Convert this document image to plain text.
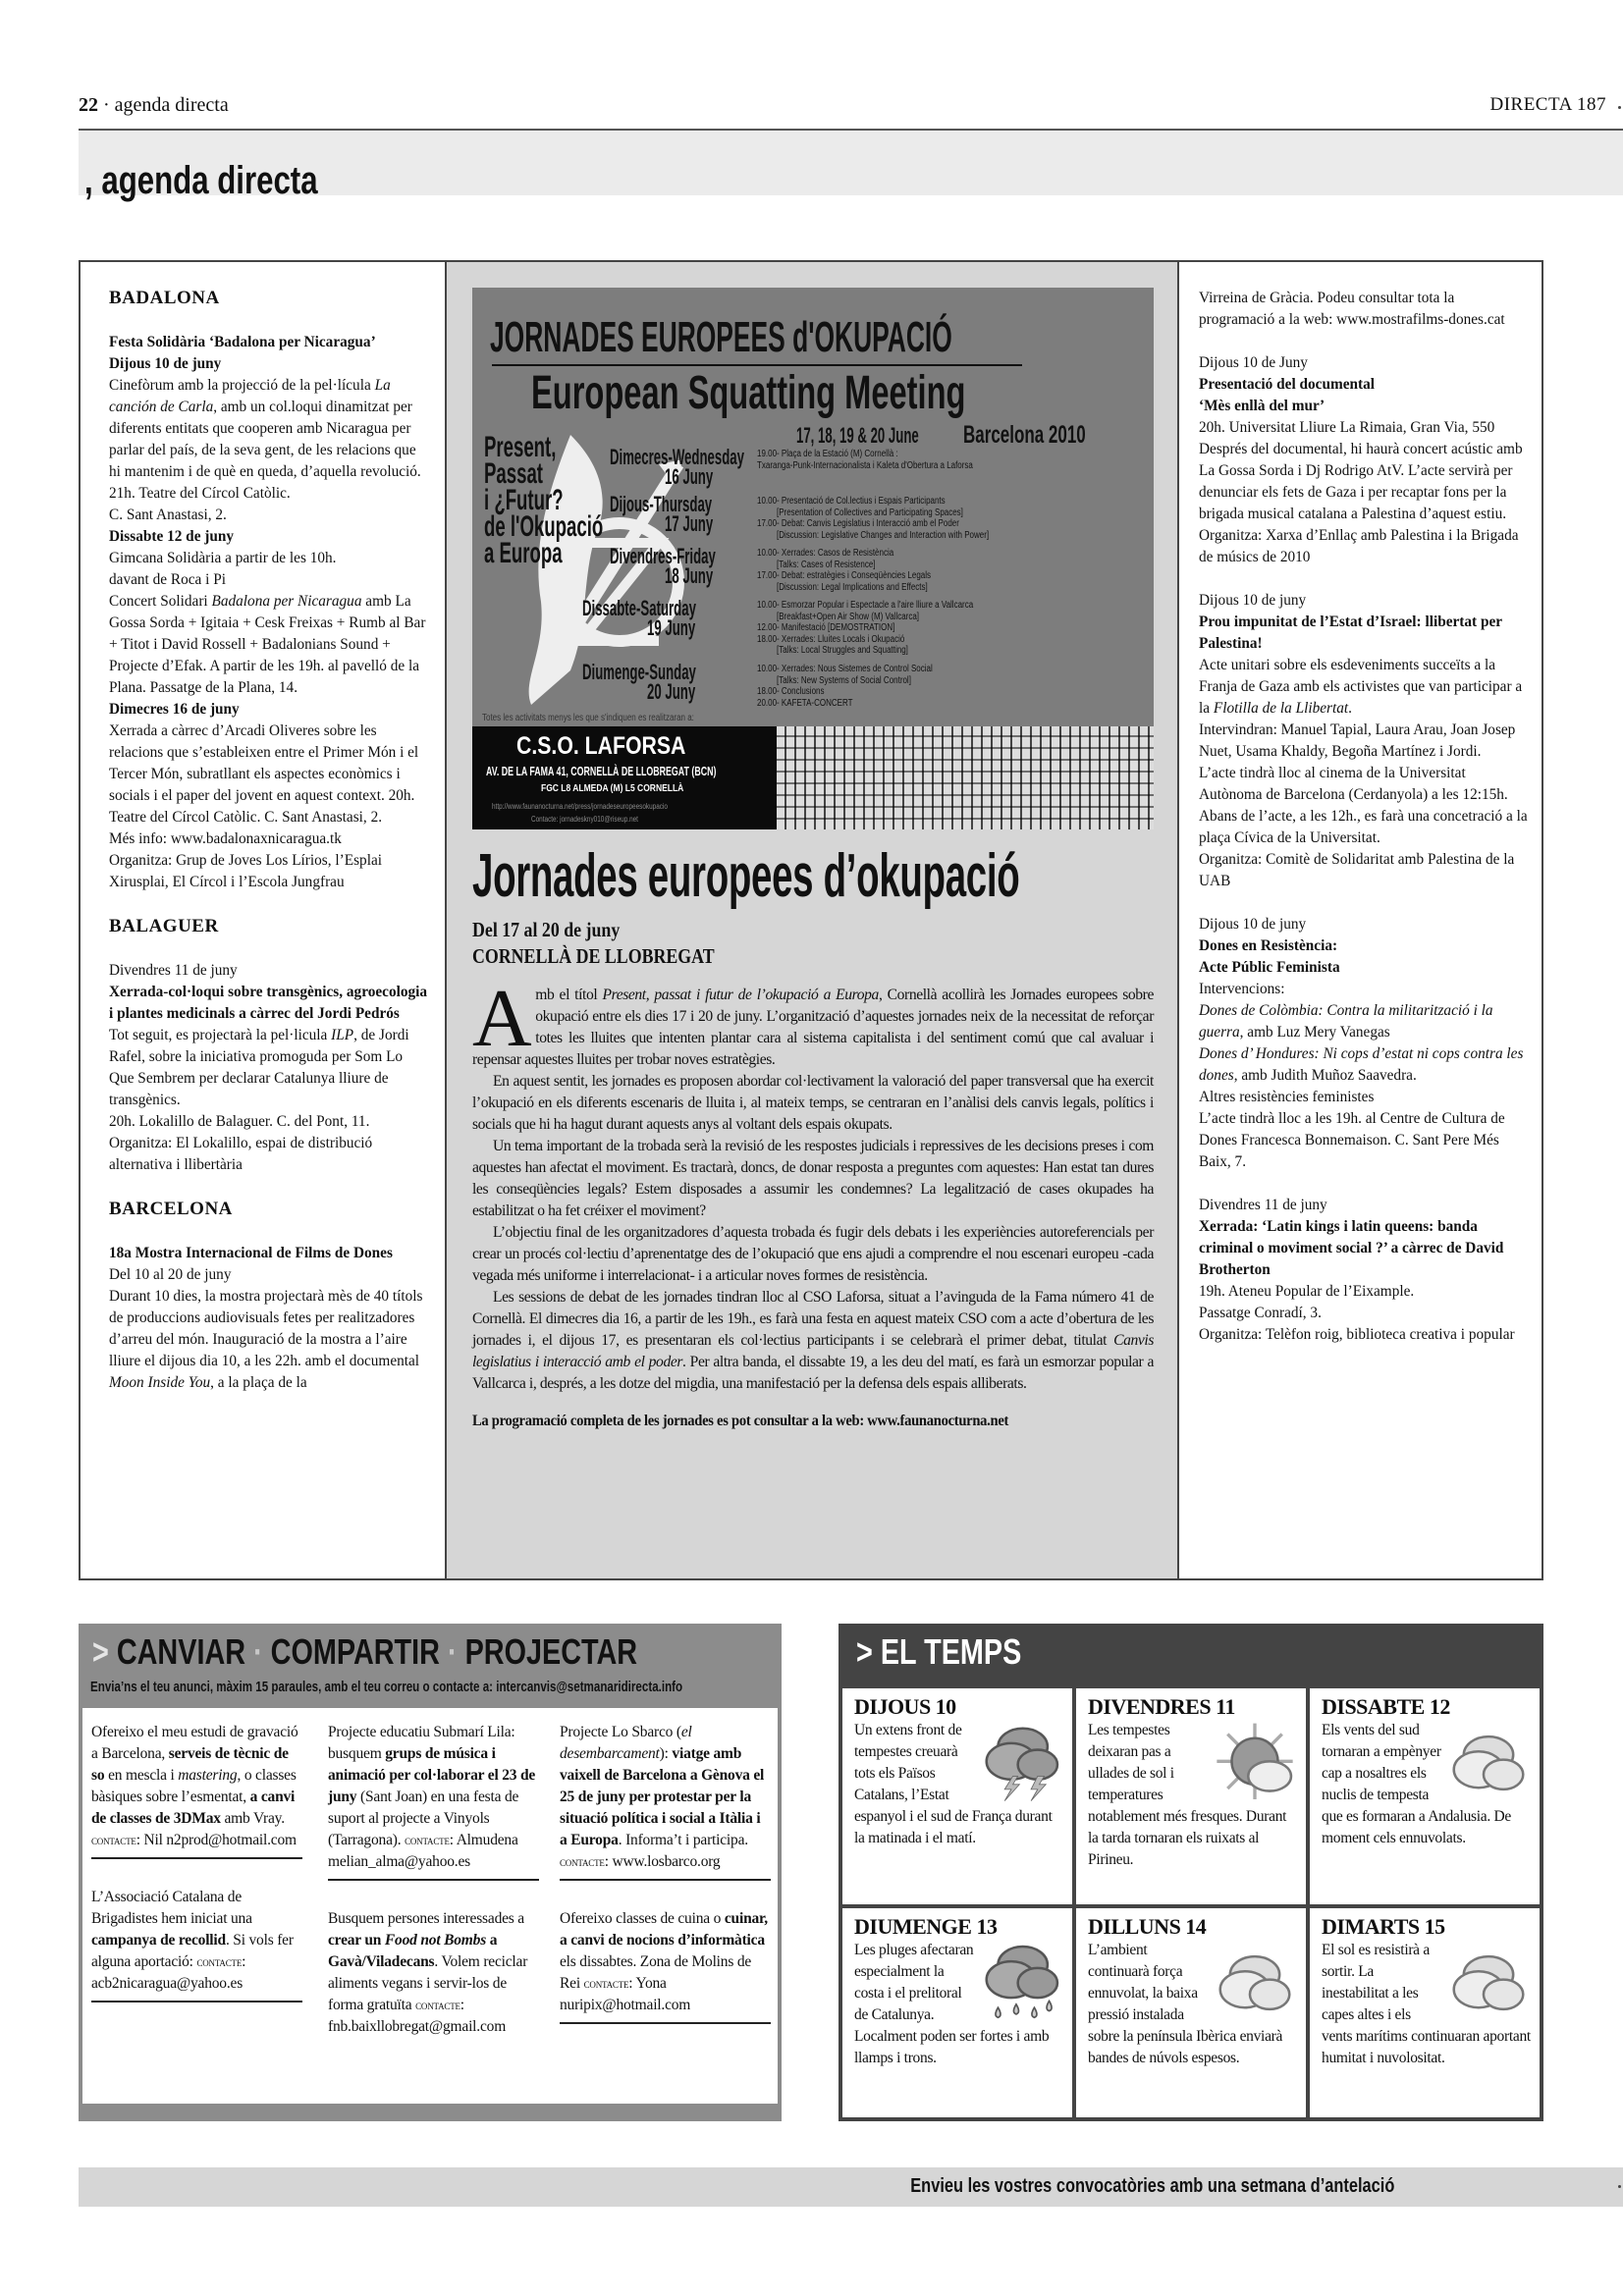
22 · agenda directa	DIRECTA 187
, agenda directa
BADALONA

Festa Solidària ‘Badalona per Nicaragua’

Dijous 10 de juny

Cinefòrum amb la projecció de la pel·lícula La canción de Carla, amb un col.loqui dinamitzat per diferents entitats que cooperen amb Nicaragua per parlar del país, de la seva gent, de les relacions que hi mantenim i de què en queda, d’aquella revolució.

21h. Teatre del Círcol Catòlic.

C. Sant Anastasi, 2.

Dissabte 12 de juny

Gimcana Solidària a partir de les 10h.

davant de Roca i Pi

Concert Solidari Badalona per Nicaragua amb La Gossa Sorda + Igitaia + Cesk Freixas + Rumb al Bar + Titot i David Rossell + Badalonians Sound + Projecte d’Efak. A partir de les 19h. al pavelló de la Plana. Passatge de la Plana, 14.

Dimecres 16 de juny

Xerrada a càrrec d’Arcadi Oliveres sobre les relacions que s’estableixen entre el Primer Món i el Tercer Món, subratllant els aspectes econòmics i socials i el paper del jovent en aquest context. 20h. Teatre del Círcol Catòlic. C. Sant Anastasi, 2.

Més info: www.badalonaxnicaragua.tk

Organitza: Grup de Joves Los Lírios, l’Esplai Xirusplai, El Círcol i l’Escola Jungfrau

BALAGUER

Divendres 11 de juny

Xerrada-col·loqui sobre transgènics, agroecologia i plantes medicinals a càrrec del Jordi Pedrós

Tot seguit, es projectarà la pel·licula ILP, de Jordi Rafel, sobre la iniciativa promoguda per Som Lo Que Sembrem per declarar Catalunya lliure de transgènics.

20h. Lokalillo de Balaguer. C. del Pont, 11.

Organitza: El Lokalillo, espai de distribució alternativa i llibertària

BARCELONA

18a Mostra Internacional de Films de Dones

Del 10 al 20 de juny

Durant 10 dies, la mostra projectarà mès de 40 títols de produccions audiovisuals fetes per realitzadores d’arreu del món. Inauguració de la mostra a l’aire lliure el dijous dia 10, a les 22h. amb el documental Moon Inside You, a la plaça de la

JORNADES EUROPEES d'OKUPACIÓ
European Squatting Meeting
17, 18, 19 & 20 June Barcelona 2010
Present,
Passat
i ¿Futur?
de l'Okupació
a Europa
Dimecres-Wednesday
16 Juny
19.00- Plaça de la Estació (M) Cornellà :
Txaranga-Punk-Internacionalista i Kaleta d'Obertura a Laforsa
Dijous-Thursday
17 Juny
10.00- Presentació de Col.lectius i Espais Participants
[Presentation of Collectives and Participating Spaces]
17.00- Debat: Canvis Legislatius i Interacció amb el Poder
[Discussion: Legislative Changes and Interaction with Power]
Divendres-Friday
18 Juny
10.00- Xerrades: Casos de Resistència
[Talks: Cases of Resistence]
17.00- Debat: estratègies i Conseqüències Legals
[Discussion: Legal Implications and Effects]
Dissabte-Saturday
19 Juny
10.00- Esmorzar Popular i Espectacle a l'aire lliure a Vallcarca
[Breakfast+Open Air Show (M) Vallcarca]
12.00- Manifestació [DEMOSTRATION]
18.00- Xerrades: Lluites Locals i Okupació
[Talks: Local Struggles and Squatting]
Diumenge-Sunday
20 Juny
10.00- Xerrades: Nous Sistemes de Control Social
[Talks: New Systems of Social Control]
18.00- Conclusions
20.00- KAFETA-CONCERT
Totes les activitats menys les que s'indiquen es realitzaran a:
C.S.O. LAFORSA
AV. DE LA FAMA 41, CORNELLÀ DE LLOBREGAT (BCN)
FGC L8 ALMEDA (M) L5 CORNELLÀ
http://www.faunanocturna.net/press/jornadeseuropeesokupacio
Contacte: jornadeskny010@riseup.net
Jornades europees d’okupació
Del 17 al 20 de juny
CORNELLÀ DE LLOBREGAT

Amb el títol Present, passat i futur de l’okupació a Europa, Cornellà acollirà les Jornades europees sobre okupació entre els dies 17 i 20 de juny. L’organització d’aquestes jornades neix de la necessitat de reforçar totes les lluites que intenten plantar cara al sistema capitalista i del sentiment comú que cal avaluar i repensar aquestes lluites per trobar noves estratègies.

En aquest sentit, les jornades es proposen abordar col·lectivament la valoració del paper transversal que ha exercit l’okupació en els diferents escenaris de lluita i, al mateix temps, se centraran en l’anàlisi dels canvis legals, polítics i socials que hi ha hagut durant aquests anys al voltant dels espais okupats.

Un tema important de la trobada serà la revisió de les respostes judicials i repressives de les decisions preses i com aquestes han afectat el moviment. Es tractarà, doncs, de donar resposta a preguntes com aquestes: Han estat tan dures les conseqüències legals? Estem disposades a assumir les condemnes? La legalització de cases okupades ha estabilitzat o ha fet créixer el moviment?

L’objectiu final de les organitzadores d’aquesta trobada és fugir dels debats i les experiències autoreferencials per crear un procés col·lectiu d’aprenentatge des de l’okupació que ens ajudi a comprendre el nou escenari europeu -cada vegada més uniforme i interrelacionat- i a articular noves formes de resistència.

Les sessions de debat de les jornades tindran lloc al CSO Laforsa, situat a l’avinguda de la Fama número 41 de Cornellà. El dimecres dia 16, a partir de les 19h., es farà una festa en aquest mateix CSO com a acte d’obertura de les jornades i, el dijous 17, es presentaran els col·lectius participants i se celebrarà el primer debat, titulat Canvis legislatius i interacció amb el poder. Per altra banda, el dissabte 19, a les deu del matí, es farà un esmorzar popular a Vallcarca i, després, a les dotze del migdia, una manifestació per la defensa dels espais alliberats.

La programació completa de les jornades es pot consultar a la web: www.faunanocturna.net

Virreina de Gràcia. Podeu consultar tota la programació a la web: www.mostrafilms-dones.cat

Dijous 10 de Juny

Presentació del documental

‘Mès enllà del mur’

20h. Universitat Lliure La Rimaia, Gran Via, 550

Després del documental, hi haurà concert acústic amb La Gossa Sorda i Dj Rodrigo AtV. L’acte servirà per denunciar els fets de Gaza i per recaptar fons per la brigada musical catalana a Palestina d’aquest estiu.

Organitza: Xarxa d’Enllaç amb Palestina i la Brigada de músics de 2010

Dijous 10 de juny

Prou impunitat de l’Estat d’Israel: llibertat per Palestina!

Acte unitari sobre els esdeveniments succeïts a la Franja de Gaza amb els activistes que van participar a la Flotilla de la Llibertat.

Intervindran: Manuel Tapial, Laura Arau, Joan Josep Nuet, Usama Khaldy, Begoña Martínez i Jordi.

L’acte tindrà lloc al cinema de la Universitat Autònoma de Barcelona (Cerdanyola) a les 12:15h.

Abans de l’acte, a les 12h., es farà una concetració a la plaça Cívica de la Universitat.

Organitza: Comitè de Solidaritat amb Palestina de la UAB

Dijous 10 de juny

Dones en Resistència:

Acte Públic Feminista

Intervencions:

Dones de Colòmbia: Contra la militarització i la guerra, amb Luz Mery Vanegas

Dones d’ Hondures: Ni cops d’estat ni cops contra les dones, amb Judith Muñoz Saavedra.

Altres resistències feministes

L’acte tindrà lloc a les 19h. al Centre de Cultura de Dones Francesca Bonnemaison. C. Sant Pere Més Baix, 7.

Divendres 11 de juny

Xerrada: ‘Latin kings i latin queens: banda criminal o moviment social ?’ a càrrec de David Brotherton

19h. Ateneu Popular de l’Eixample.

Passatge Conradí, 3.

Organitza: Telèfon roig, biblioteca creativa i popular

> CANVIAR · COMPARTIR · PROJECTAR
Envia’ns el teu anunci, màxim 15 paraules, amb el teu correu o contacte a: intercanvis@setmanaridirecta.info
Ofereixo el meu estudi de gravació a Barcelona, serveis de tècnic de so en mescla i mastering, o classes bàsiques sobre l’esmentat, a canvi de classes de 3DMax amb Vray. contacte: Nil n2prod@hotmail.com
L’Associació Catalana de Brigadistes hem iniciat una campanya de recollid. Si vols fer alguna aportació: contacte: acb2nicaragua@yahoo.es
Projecte educatiu Submarí Lila: busquem grups de música i animació per col·laborar el 23 de juny (Sant Joan) en una festa de suport al projecte a Vinyols (Tarragona). contacte: Almudena melian_alma@yahoo.es
Busquem persones interessades a crear un Food not Bombs a Gavà/Viladecans. Volem reciclar aliments vegans i servir-los de forma gratuïta contacte: fnb.baixllobregat@gmail.com
Projecte Lo Sbarco (el desembarcament): viatge amb vaixell de Barcelona a Gènova el 25 de juny per protestar per la situació política i social a Itàlia i a Europa. Informa’t i participa. contacte: www.losbarco.org
Ofereixo classes de cuina o cuinar, a canvi de nocions d’informàtica els dissabtes. Zona de Molins de Rei contacte: Yona nuripix@hotmail.com
> EL TEMPS
DIJOUS 10
Un extens front de tempestes creuarà tots els Països Catalans, l’Estat espanyol i el sud de França durant la matinada i el matí.
DIVENDRES 11
Les tempestes deixaran pas a ullades de sol i temperatures notablement més fresques. Durant la tarda tornaran els ruixats al Pirineu.
DISSABTE 12
Els vents del sud tornaran a empènyer cap a nosaltres els nuclis de tempesta que es formaran a Andalusia. De moment cels ennuvolats.
DIUMENGE 13
Les pluges afectaran especialment la costa i el prelitoral de Catalunya. Localment poden ser fortes i amb llamps i trons.
DILLUNS 14
L’ambient continuarà força ennuvolat, la baixa pressió instalada sobre la península Ibèrica enviarà bandes de núvols espesos.
DIMARTS 15
El sol es resistirà a sortir. La inestabilitat a les capes altes i els vents marítims continuaran aportant humitat i nuvolositat.
Envieu les vostres convocatòries amb una setmana d’antelació
